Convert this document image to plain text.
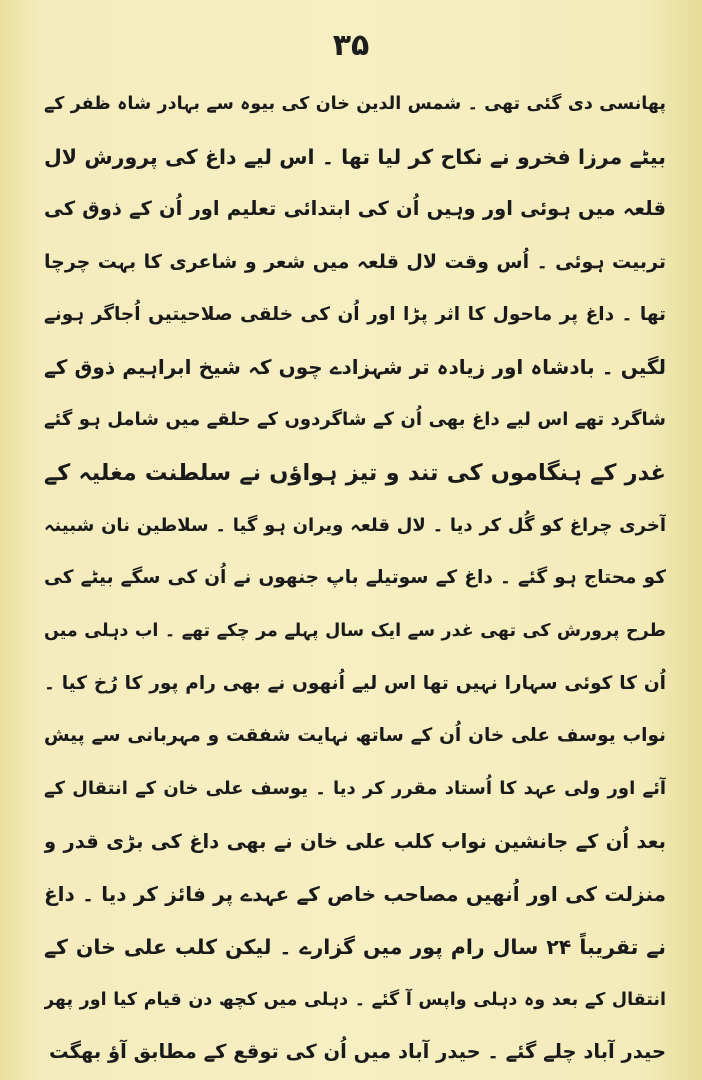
۳۵
پھانسی دی گئی تھی ۔ شمس الدین خان کی بیوہ سے بہادر شاہ ظفر کے
بیٹے مرزا فخرو نے نکاح کر لیا تھا ۔ اس لیے داغ کی پرورش لال
قلعہ میں ہوئی اور وہیں اُن کی ابتدائی تعلیم اور اُن کے ذوق کی
تربیت ہوئی ۔ اُس وقت لال قلعہ میں شعر و شاعری کا بہت چرچا
تھا ۔ داغ پر ماحول کا اثر پڑا اور اُن کی خلقی صلاحیتیں اُجاگر ہونے
لگیں ۔ بادشاہ اور زیادہ تر شہزادے چوں کہ شیخ ابراہیم ذوق کے
شاگرد تھے اس لیے داغ بھی اُن کے شاگردوں کے حلقے میں شامل ہو گئے
غدر کے ہنگاموں کی تند و تیز ہواؤں نے سلطنت مغلیہ کے
آخری چراغ کو گُل کر دیا ۔ لال قلعہ ویران ہو گیا ۔ سلاطین نان شبینہ
کو محتاج ہو گئے ۔ داغ کے سوتیلے باپ جنھوں نے اُن کی سگے بیٹے کی
طرح پرورش کی تھی غدر سے ایک سال پہلے مر چکے تھے ۔ اب دہلی میں
اُن کا کوئی سہارا نہیں تھا اس لیے اُنھوں نے بھی رام پور کا رُخ کیا ۔
نواب یوسف علی خان اُن کے ساتھ نہایت شفقت و مہربانی سے پیش
آئے اور ولی عہد کا اُستاد مقرر کر دیا ۔ یوسف علی خان کے انتقال کے
بعد اُن کے جانشین نواب کلب علی خان نے بھی داغ کی بڑی قدر و
منزلت کی اور اُنھیں مصاحب خاص کے عہدے پر فائز کر دیا ۔ داغ
نے تقریباً ۲۴ سال رام پور میں گزارے ۔ لیکن کلب علی خان کے
انتقال کے بعد وہ دہلی واپس آ گئے ۔ دہلی میں کچھ دن قیام کیا اور پھر
حیدر آباد چلے گئے ۔ حیدر آباد میں اُن کی توقع کے مطابق آؤ بھگت
